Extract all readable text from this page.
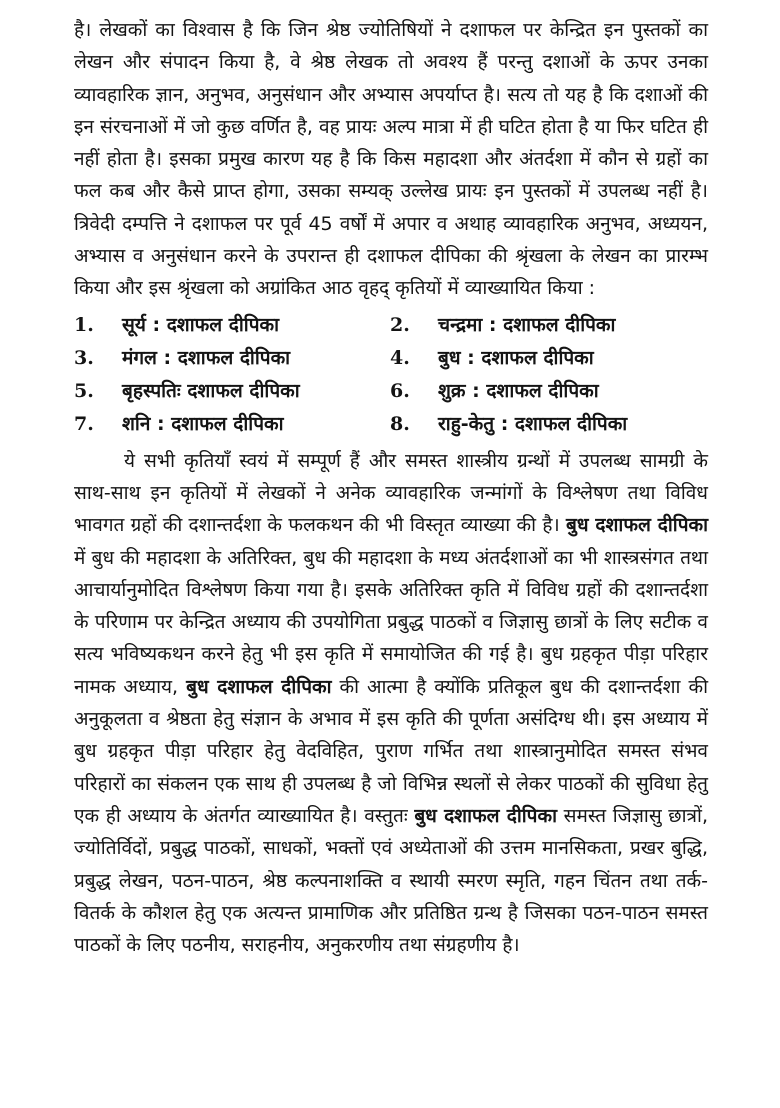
है। लेखकों का विश्वास है कि जिन श्रेष्ठ ज्योतिषियों ने दशाफल पर केन्द्रित इन पुस्तकों का लेखन और संपादन किया है, वे श्रेष्ठ लेखक तो अवश्य हैं परन्तु दशाओं के ऊपर उनका व्यावहारिक ज्ञान, अनुभव, अनुसंधान और अभ्यास अपर्याप्त है। सत्य तो यह है कि दशाओं की इन संरचनाओं में जो कुछ वर्णित है, वह प्रायः अल्प मात्रा में ही घटित होता है या फिर घटित ही नहीं होता है। इसका प्रमुख कारण यह है कि किस महादशा और अंतर्दशा में कौन से ग्रहों का फल कब और कैसे प्राप्त होगा, उसका सम्यक् उल्लेख प्रायः इन पुस्तकों में उपलब्ध नहीं है। त्रिवेदी दम्पत्ति ने दशाफल पर पूर्व 45 वर्षों में अपार व अथाह व्यावहारिक अनुभव, अध्ययन, अभ्यास व अनुसंधान करने के उपरान्त ही दशाफल दीपिका की श्रृंखला के लेखन का प्रारम्भ किया और इस श्रृंखला को अग्रांकित आठ वृहद् कृतियों में व्याख्यायित किया :

1.	सूर्य : दशाफल दीपिका	2.	चन्द्रमा : दशाफल दीपिका
3.	मंगल : दशाफल दीपिका	4.	बुध : दशाफल दीपिका
5.	बृहस्पतिः दशाफल दीपिका	6.	शुक्र : दशाफल दीपिका
7.	शनि : दशाफल दीपिका	8.	राहु-केतु : दशाफल दीपिका

ये सभी कृतियाँ स्वयं में सम्पूर्ण हैं और समस्त शास्त्रीय ग्रन्थों में उपलब्ध सामग्री के साथ-साथ इन कृतियों में लेखकों ने अनेक व्यावहारिक जन्मांगों के विश्लेषण तथा विविध भावगत ग्रहों की दशान्तर्दशा के फलकथन की भी विस्तृत व्याख्या की है। बुध दशाफल दीपिका में बुध की महादशा के अतिरिक्त, बुध की महादशा के मध्य अंतर्दशाओं का भी शास्त्रसंगत तथा आचार्यानुमोदित विश्लेषण किया गया है। इसके अतिरिक्त कृति में विविध ग्रहों की दशान्तर्दशा के परिणाम पर केन्द्रित अध्याय की उपयोगिता प्रबुद्ध पाठकों व जिज्ञासु छात्रों के लिए सटीक व सत्य भविष्यकथन करने हेतु भी इस कृति में समायोजित की गई है। बुध ग्रहकृत पीड़ा परिहार नामक अध्याय, बुध दशाफल दीपिका की आत्मा है क्योंकि प्रतिकूल बुध की दशान्तर्दशा की अनुकूलता व श्रेष्ठता हेतु संज्ञान के अभाव में इस कृति की पूर्णता असंदिग्ध थी। इस अध्याय में बुध ग्रहकृत पीड़ा परिहार हेतु वेदविहित, पुराण गर्भित तथा शास्त्रानुमोदित समस्त संभव परिहारों का संकलन एक साथ ही उपलब्ध है जो विभिन्न स्थलों से लेकर पाठकों की सुविधा हेतु एक ही अध्याय के अंतर्गत व्याख्यायित है। वस्तुतः बुध दशाफल दीपिका समस्त जिज्ञासु छात्रों, ज्योतिर्विदों, प्रबुद्ध पाठकों, साधकों, भक्तों एवं अध्येताओं की उत्तम मानसिकता, प्रखर बुद्धि, प्रबुद्ध लेखन, पठन-पाठन, श्रेष्ठ कल्पनाशक्ति व स्थायी स्मरण स्मृति, गहन चिंतन तथा तर्क-वितर्क के कौशल हेतु एक अत्यन्त प्रामाणिक और प्रतिष्ठित ग्रन्थ है जिसका पठन-पाठन समस्त पाठकों के लिए पठनीय, सराहनीय, अनुकरणीय तथा संग्रहणीय है।
